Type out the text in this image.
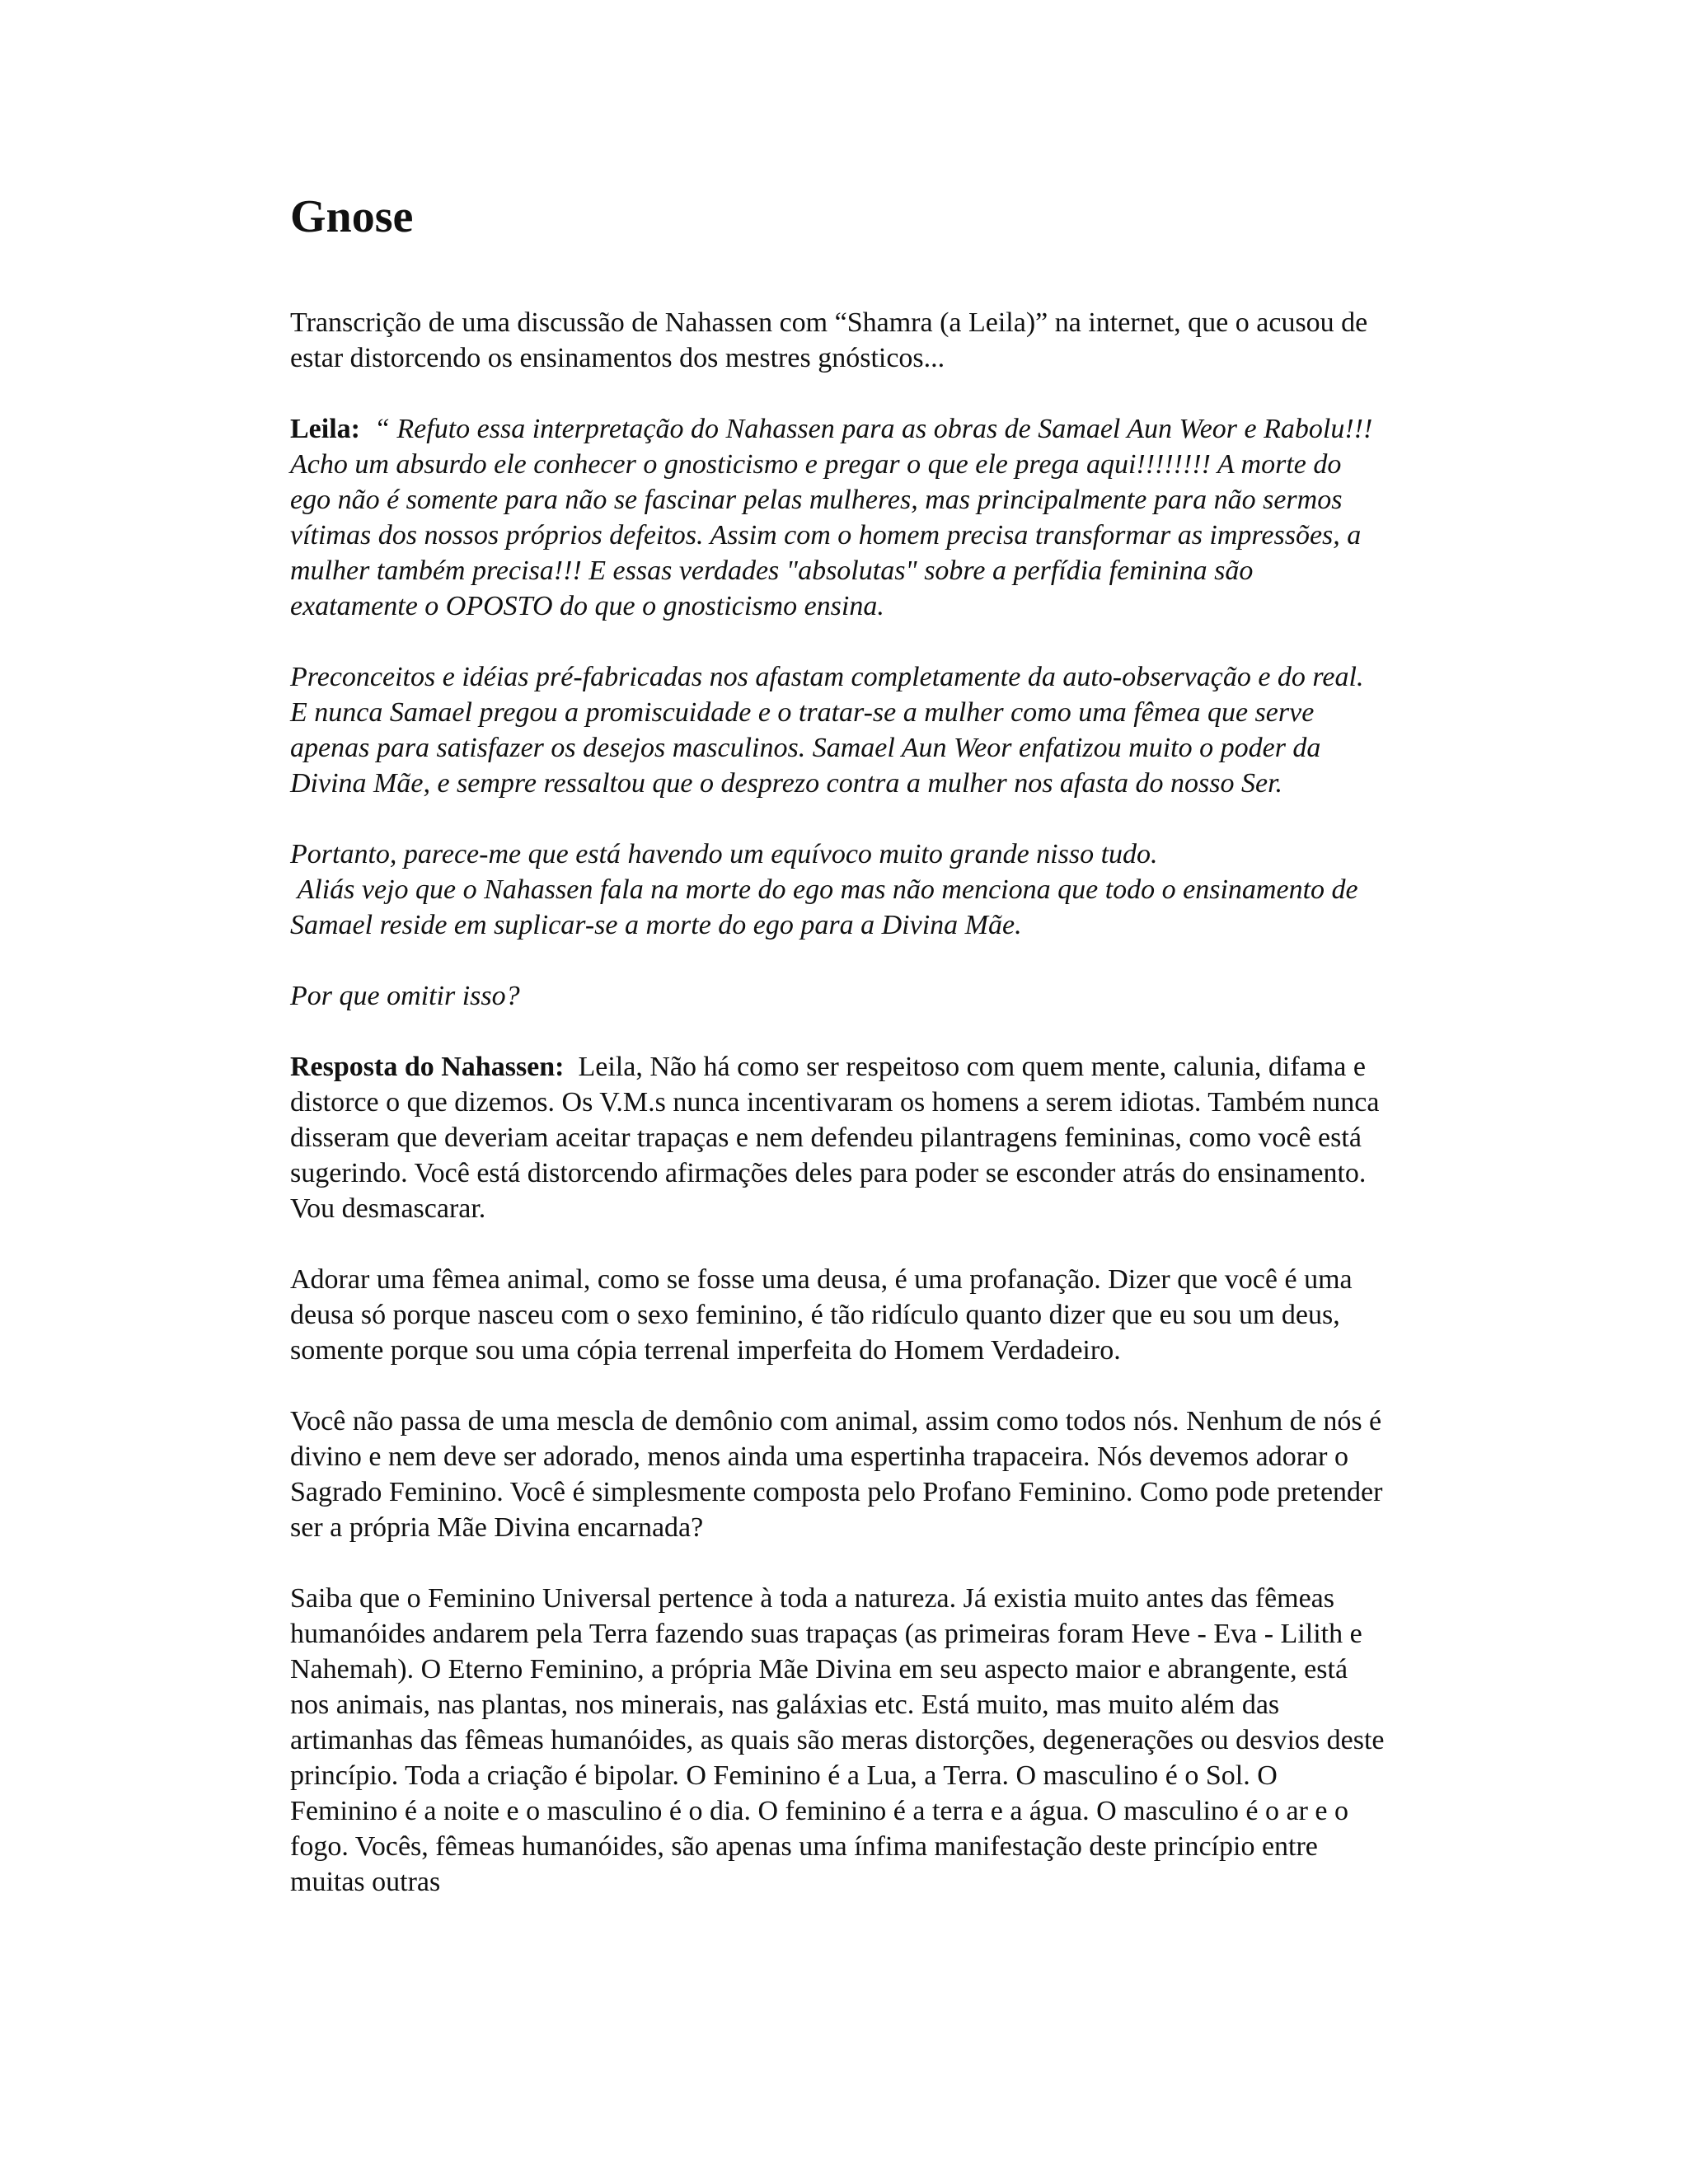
Gnose

Transcrição de uma discussão de Nahassen com “Shamra (a Leila)” na internet, que o acusou de estar distorcendo os ensinamentos dos mestres gnósticos...

Leila: “ Refuto essa interpretação do Nahassen para as obras de Samael Aun Weor e Rabolu!!! Acho um absurdo ele conhecer o gnosticismo e pregar o que ele prega aqui!!!!!!!! A morte do ego não é somente para não se fascinar pelas mulheres, mas principalmente para não sermos vítimas dos nossos próprios defeitos. Assim com o homem precisa transformar as impressões, a mulher também precisa!!! E essas verdades "absolutas" sobre a perfídia feminina são exatamente o OPOSTO do que o gnosticismo ensina.

Preconceitos e idéias pré-fabricadas nos afastam completamente da auto-observação e do real. E nunca Samael pregou a promiscuidade e o tratar-se a mulher como uma fêmea que serve apenas para satisfazer os desejos masculinos. Samael Aun Weor enfatizou muito o poder da Divina Mãe, e sempre ressaltou que o desprezo contra a mulher nos afasta do nosso Ser.

Portanto, parece-me que está havendo um equívoco muito grande nisso tudo.
Aliás vejo que o Nahassen fala na morte do ego mas não menciona que todo o ensinamento de Samael reside em suplicar-se a morte do ego para a Divina Mãe.

Por que omitir isso?

Resposta do Nahassen: Leila, Não há como ser respeitoso com quem mente, calunia, difama e distorce o que dizemos. Os V.M.s nunca incentivaram os homens a serem idiotas. Também nunca disseram que deveriam aceitar trapaças e nem defendeu pilantragens femininas, como você está sugerindo. Você está distorcendo afirmações deles para poder se esconder atrás do ensinamento. Vou desmascarar.

Adorar uma fêmea animal, como se fosse uma deusa, é uma profanação. Dizer que você é uma deusa só porque nasceu com o sexo feminino, é tão ridículo quanto dizer que eu sou um deus, somente porque sou uma cópia terrenal imperfeita do Homem Verdadeiro.

Você não passa de uma mescla de demônio com animal, assim como todos nós. Nenhum de nós é divino e nem deve ser adorado, menos ainda uma espertinha trapaceira. Nós devemos adorar o Sagrado Feminino. Você é simplesmente composta pelo Profano Feminino. Como pode pretender ser a própria Mãe Divina encarnada?

Saiba que o Feminino Universal pertence à toda a natureza. Já existia muito antes das fêmeas humanóides andarem pela Terra fazendo suas trapaças (as primeiras foram Heve - Eva - Lilith e Nahemah). O Eterno Feminino, a própria Mãe Divina em seu aspecto maior e abrangente, está nos animais, nas plantas, nos minerais, nas galáxias etc. Está muito, mas muito além das artimanhas das fêmeas humanóides, as quais são meras distorções, degenerações ou desvios deste princípio. Toda a criação é bipolar. O Feminino é a Lua, a Terra. O masculino é o Sol. O Feminino é a noite e o masculino é o dia. O feminino é a terra e a água. O masculino é o ar e o fogo. Vocês, fêmeas humanóides, são apenas uma ínfima manifestação deste princípio entre muitas outras
